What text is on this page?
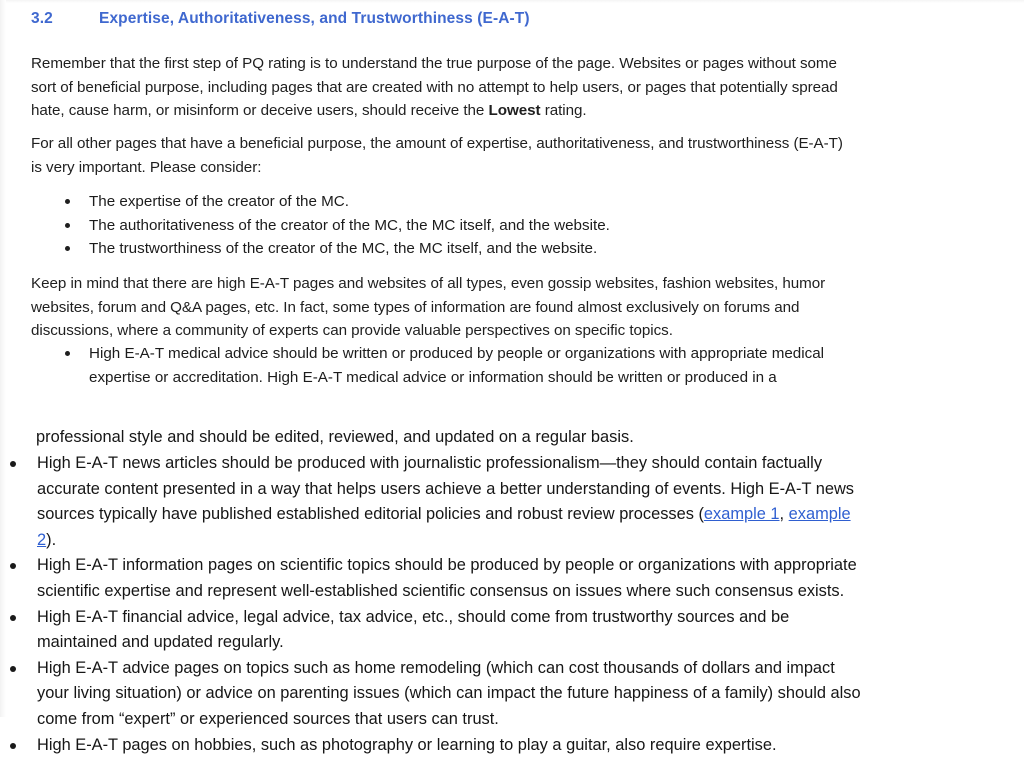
3.2	Expertise, Authoritativeness, and Trustworthiness (E-A-T)
Remember that the first step of PQ rating is to understand the true purpose of the page. Websites or pages without some
sort of beneficial purpose, including pages that are created with no attempt to help users, or pages that potentially spread
hate, cause harm, or misinform or deceive users, should receive the Lowest rating.
For all other pages that have a beneficial purpose, the amount of expertise, authoritativeness, and trustworthiness (E-A-T)
is very important. Please consider:
The expertise of the creator of the MC.
The authoritativeness of the creator of the MC, the MC itself, and the website.
The trustworthiness of the creator of the MC, the MC itself, and the website.
Keep in mind that there are high E-A-T pages and websites of all types, even gossip websites, fashion websites, humor
websites, forum and Q&A pages, etc. In fact, some types of information are found almost exclusively on forums and
discussions, where a community of experts can provide valuable perspectives on specific topics.
High E-A-T medical advice should be written or produced by people or organizations with appropriate medical
expertise or accreditation. High E-A-T medical advice or information should be written or produced in a
professional style and should be edited, reviewed, and updated on a regular basis.
High E-A-T news articles should be produced with journalistic professionalism—they should contain factually
accurate content presented in a way that helps users achieve a better understanding of events. High E-A-T news
sources typically have published established editorial policies and robust review processes (example 1, example
2).
High E-A-T information pages on scientific topics should be produced by people or organizations with appropriate
scientific expertise and represent well-established scientific consensus on issues where such consensus exists.
High E-A-T financial advice, legal advice, tax advice, etc., should come from trustworthy sources and be
maintained and updated regularly.
High E-A-T advice pages on topics such as home remodeling (which can cost thousands of dollars and impact
your living situation) or advice on parenting issues (which can impact the future happiness of a family) should also
come from “expert” or experienced sources that users can trust.
High E-A-T pages on hobbies, such as photography or learning to play a guitar, also require expertise.
